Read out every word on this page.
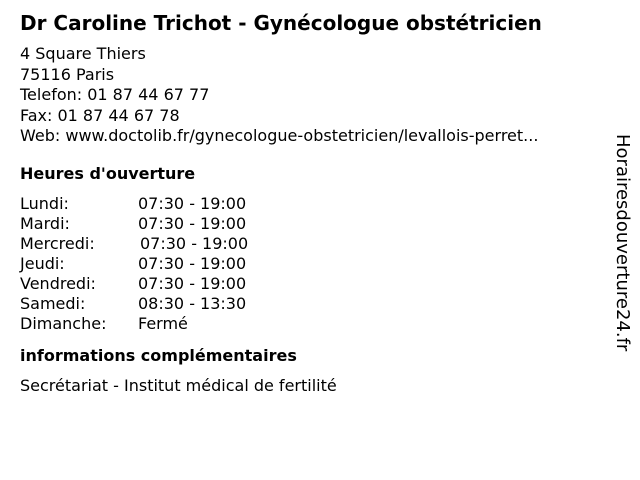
Dr Caroline Trichot - Gynécologue obstétricien
4 Square Thiers
75116 Paris
Telefon: 01 87 44 67 77
Fax: 01 87 44 67 78
Web: www.doctolib.fr/gynecologue-obstetricien/levallois-perret...
Heures d'ouverture
Lundi:	07:30 - 19:00
Mardi:	07:30 - 19:00
Mercredi:	07:30 - 19:00
Jeudi:	07:30 - 19:00
Vendredi:	07:30 - 19:00
Samedi:	08:30 - 13:30
Dimanche: Fermé
informations complémentaires
Secrétariat - Institut médical de fertilité
Horairesdouverture24.fr
